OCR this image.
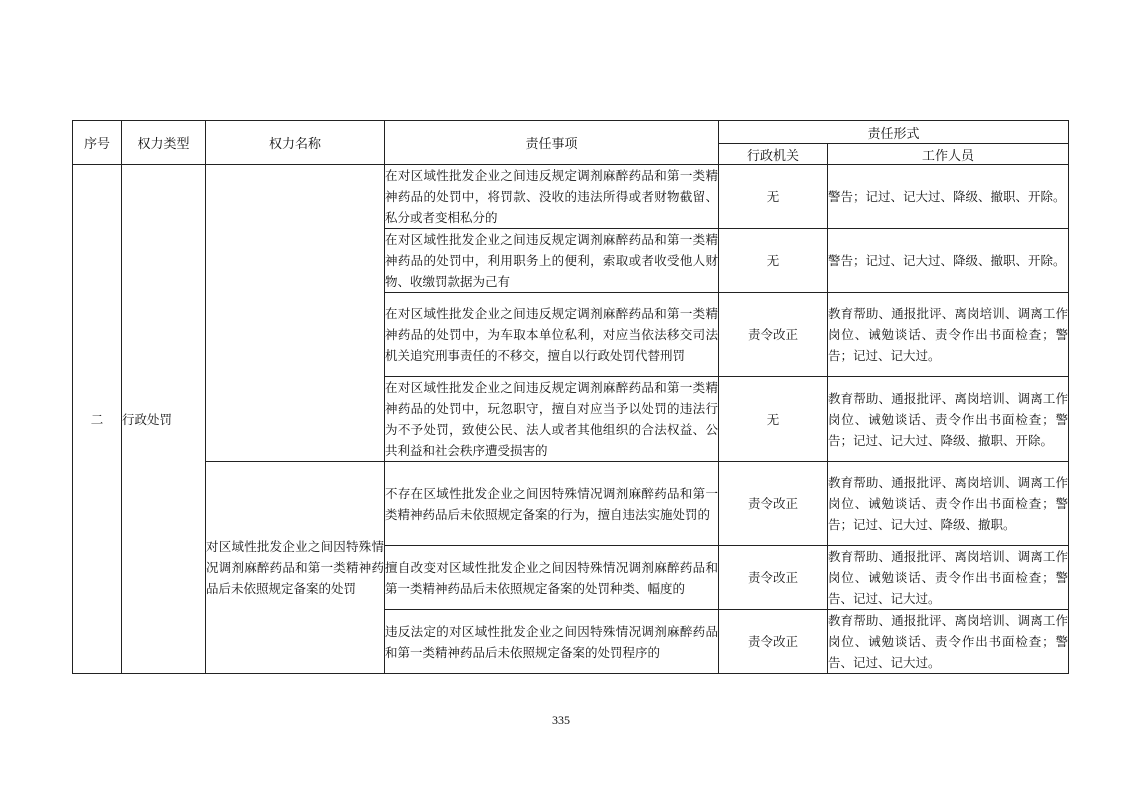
序号	权力类型	权力名称	责任事项	责任形式	
				行政机关	工作人员
二	行政处罚		在对区域性批发企业之间违反规定调剂麻醉药品和第一类精神药品的处罚中，将罚款、没收的违法所得或者财物截留、私分或者变相私分的	无	警告；记过、记大过、降级、撤职、开除。
			在对区域性批发企业之间违反规定调剂麻醉药品和第一类精神药品的处罚中，利用职务上的便利，索取或者收受他人财物、收缴罚款据为己有	无	警告；记过、记大过、降级、撤职、开除。
			在对区域性批发企业之间违反规定调剂麻醉药品和第一类精神药品的处罚中，为车取本单位私利，对应当依法移交司法机关追究刑事责任的不移交，擅自以行政处罚代替刑罚	责令改正	教育帮助、通报批评、离岗培训、调离工作岗位、诫勉谈话、责令作出书面检查；警告；记过、记大过。
			在对区域性批发企业之间违反规定调剂麻醉药品和第一类精神药品的处罚中，玩忽职守，擅自对应当予以处罚的违法行为不予处罚，致使公民、法人或者其他组织的合法权益、公共利益和社会秩序遭受损害的	无	教育帮助、通报批评、离岗培训、调离工作岗位、诫勉谈话、责令作出书面检查；警告；记过、记大过、降级、撤职、开除。
		对区域性批发企业之间因特殊情况调剂麻醉药品和第一类精神药品后未依照规定备案的处罚	不存在区域性批发企业之间因特殊情况调剂麻醉药品和第一类精神药品后未依照规定备案的行为，擅自违法实施处罚的	责令改正	教育帮助、通报批评、离岗培训、调离工作岗位、诫勉谈话、责令作出书面检查；警告；记过、记大过、降级、撤职。
			擅自改变对区域性批发企业之间因特殊情况调剂麻醉药品和第一类精神药品后未依照规定备案的处罚种类、幅度的	责令改正	教育帮助、通报批评、离岗培训、调离工作岗位、诫勉谈话、责令作出书面检查；警告、记过、记大过。
			违反法定的对区域性批发企业之间因特殊情况调剂麻醉药品和第一类精神药品后未依照规定备案的处罚程序的	责令改正	教育帮助、通报批评、离岗培训、调离工作岗位、诫勉谈话、责令作出书面检查；警告、记过、记大过。
335
